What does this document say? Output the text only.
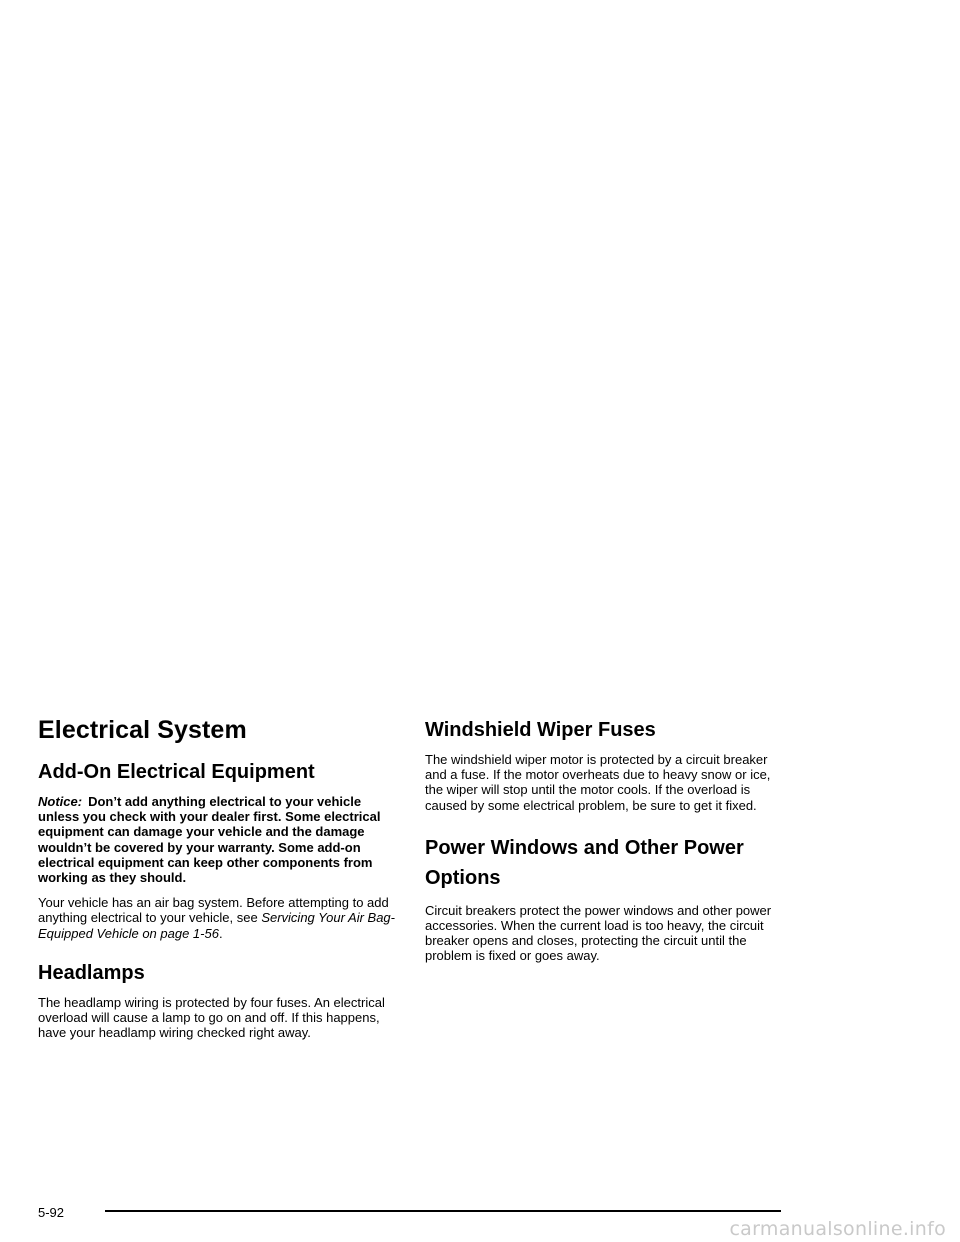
Electrical System
Add-On Electrical Equipment

Notice: Don’t add anything electrical to your vehicle unless you check with your dealer first. Some electrical equipment can damage your vehicle and the damage wouldn’t be covered by your warranty. Some add-on electrical equipment can keep other components from working as they should.

Your vehicle has an air bag system. Before attempting to add anything electrical to your vehicle, see Servicing Your Air Bag-Equipped Vehicle on page 1-56.

Headlamps

The headlamp wiring is protected by four fuses. An electrical overload will cause a lamp to go on and off. If this happens, have your headlamp wiring checked right away.

Windshield Wiper Fuses

The windshield wiper motor is protected by a circuit breaker and a fuse. If the motor overheats due to heavy snow or ice, the wiper will stop until the motor cools. If the overload is caused by some electrical problem, be sure to get it fixed.

Power Windows and Other Power Options

Circuit breakers protect the power windows and other power accessories. When the current load is too heavy, the circuit breaker opens and closes, protecting the circuit until the problem is fixed or goes away.

5-92
carmanualsonline.info
